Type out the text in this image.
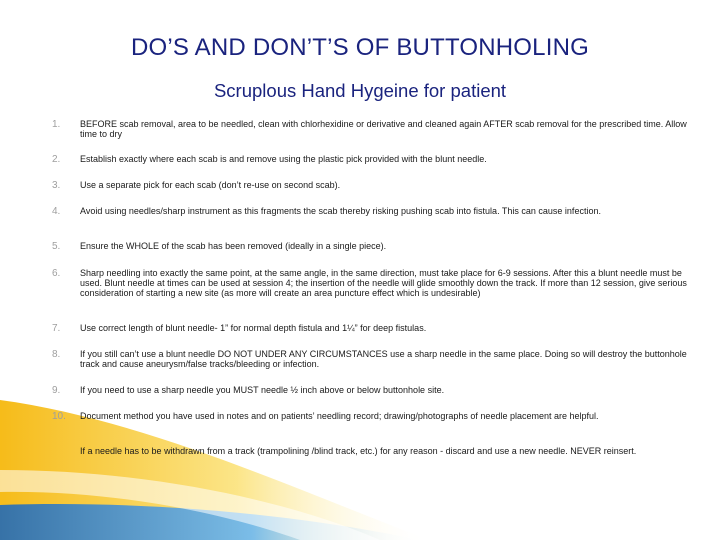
DO’S AND DON’T’S OF BUTTONHOLING
Scruplous Hand Hygeine for patient
1.	BEFORE scab removal, area to be needled, clean with chlorhexidine or derivative and cleaned again AFTER scab removal for the prescribed time. Allow time to dry
2.	Establish exactly where each scab is and remove using the plastic pick provided with the blunt needle.
3.	Use a separate pick for each scab (don’t re-use on second scab).
4.	Avoid using needles/sharp instrument as this fragments the scab thereby risking pushing scab into fistula. This can cause infection.
5.	Ensure the WHOLE of the scab has been removed (ideally in a single piece).
6.	Sharp needling into exactly the same point, at the same angle, in the same direction, must take place for 6-9 sessions. After this a blunt needle must be used. Blunt needle at times can be used at session 4; the insertion of the needle will glide smoothly down the track. If more than 12 session, give serious consideration of starting a new site (as more will create an area puncture effect which is undesirable)
7.	Use correct length of blunt needle- 1” for normal depth fistula and 1¼” for deep fistulas.
8.	If you still can’t use a blunt needle DO NOT UNDER ANY CIRCUMSTANCES use a sharp needle in the same place. Doing so will destroy the buttonhole track and cause aneurysm/false tracks/bleeding or infection.
9.	If you need to use a sharp needle you MUST needle ½ inch above or below buttonhole site.
10.	Document method you have used in notes and on patients’ needling record; drawing/photographs of needle placement are helpful.
If a needle has to be withdrawn from a track (trampolining /blind track, etc.) for any reason - discard and use a new needle. NEVER reinsert.
